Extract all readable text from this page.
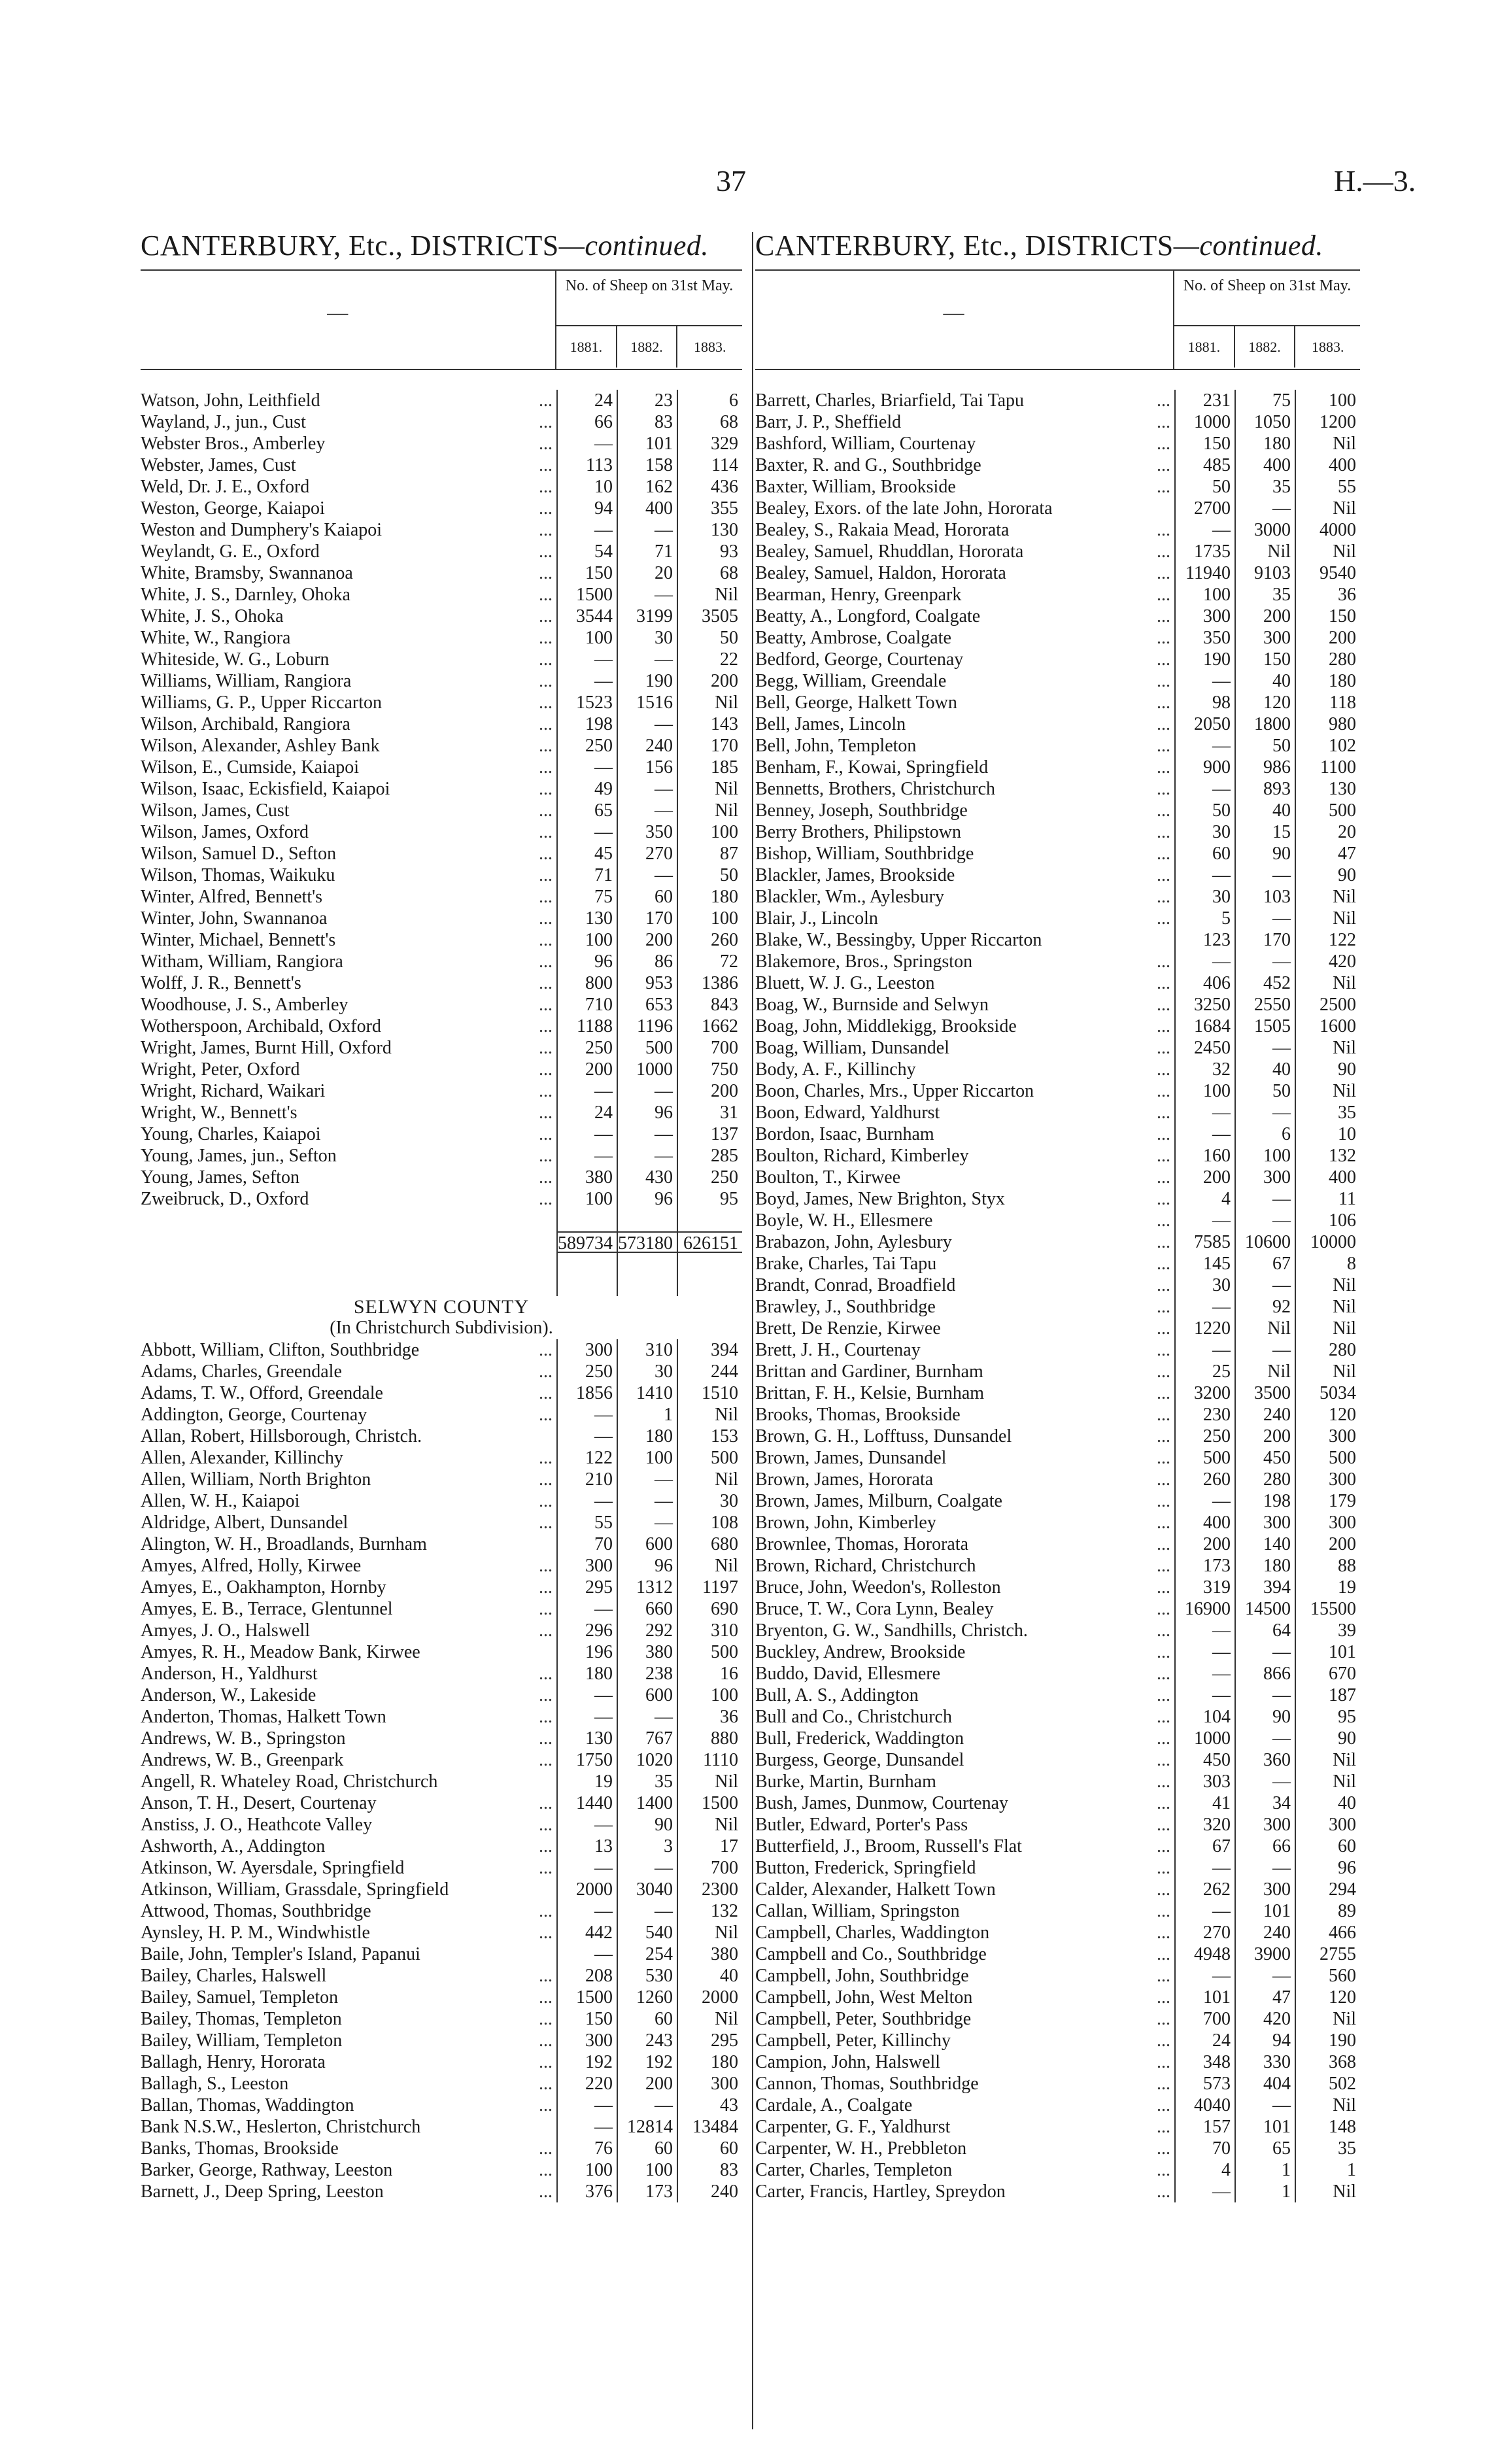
37	H.—3.
CANTERBURY, Etc., DISTRICTS—continued.
—
No. of Sheep on 31st May.
1881.	1882.	1883.
Watson, John, Leithfield	...	24	23	6
Wayland, J., jun., Cust	...	66	83	68
Webster Bros., Amberley	...	—	101	329
Webster, James, Cust	...	113	158	114
Weld, Dr. J. E., Oxford	...	10	162	436
Weston, George, Kaiapoi	...	94	400	355
Weston and Dumphery's Kaiapoi	...	—	—	130
Weylandt, G. E., Oxford	...	54	71	93
White, Bramsby, Swannanoa	...	150	20	68
White, J. S., Darnley, Ohoka	...	1500	—	Nil
White, J. S., Ohoka	...	3544	3199	3505
White, W., Rangiora	...	100	30	50
Whiteside, W. G., Loburn	...	—	—	22
Williams, William, Rangiora	...	—	190	200
Williams, G. P., Upper Riccarton	...	1523	1516	Nil
Wilson, Archibald, Rangiora	...	198	—	143
Wilson, Alexander, Ashley Bank	...	250	240	170
Wilson, E., Cumside, Kaiapoi	...	—	156	185
Wilson, Isaac, Eckisfield, Kaiapoi	...	49	—	Nil
Wilson, James, Cust	...	65	—	Nil
Wilson, James, Oxford	...	—	350	100
Wilson, Samuel D., Sefton	...	45	270	87
Wilson, Thomas, Waikuku	...	71	—	50
Winter, Alfred, Bennett's	...	75	60	180
Winter, John, Swannanoa	...	130	170	100
Winter, Michael, Bennett's	...	100	200	260
Witham, William, Rangiora	...	96	86	72
Wolff, J. R., Bennett's	...	800	953	1386
Woodhouse, J. S., Amberley	...	710	653	843
Wotherspoon, Archibald, Oxford	...	1188	1196	1662
Wright, James, Burnt Hill, Oxford	...	250	500	700
Wright, Peter, Oxford	...	200	1000	750
Wright, Richard, Waikari	...	—	—	200
Wright, W., Bennett's	...	24	96	31
Young, Charles, Kaiapoi	...	—	—	137
Young, James, jun., Sefton	...	—	—	285
Young, James, Sefton	...	380	430	250
Zweibruck, D., Oxford	...	100	96	95
589734 573180 626151
SELWYN COUNTY
(In Christchurch Subdivision).
Abbott, William, Clifton, Southbridge	...	300	310	394
Adams, Charles, Greendale	...	250	30	244
Adams, T. W., Offord, Greendale	...	1856	1410	1510
Addington, George, Courtenay	...	—	1	Nil
Allan, Robert, Hillsborough, Christch.	—	180	153
Allen, Alexander, Killinchy	...	122	100	500
Allen, William, North Brighton	...	210	—	Nil
Allen, W. H., Kaiapoi	...	—	—	30
Aldridge, Albert, Dunsandel	...	55	—	108
Alington, W. H., Broadlands, Burnham	70	600	680
Amyes, Alfred, Holly, Kirwee	...	300	96	Nil
Amyes, E., Oakhampton, Hornby	...	295	1312	1197
Amyes, E. B., Terrace, Glentunnel	...	—	660	690
Amyes, J. O., Halswell	...	296	292	310
Amyes, R. H., Meadow Bank, Kirwee	196	380	500
Anderson, H., Yaldhurst	...	180	238	16
Anderson, W., Lakeside	...	—	600	100
Anderton, Thomas, Halkett Town	...	—	—	36
Andrews, W. B., Springston	...	130	767	880
Andrews, W. B., Greenpark	...	1750	1020	1110
Angell, R. Whateley Road, Christchurch	19	35	Nil
Anson, T. H., Desert, Courtenay	...	1440	1400	1500
Anstiss, J. O., Heathcote Valley	...	—	90	Nil
Ashworth, A., Addington	...	13	3	17
Atkinson, W. Ayersdale, Springfield	...	—	—	700
Atkinson, William, Grassdale, Springfield	2000	3040	2300
Attwood, Thomas, Southbridge	...	—	—	132
Aynsley, H. P. M., Windwhistle	...	442	540	Nil
Baile, John, Templer's Island, Papanui	—	254	380
Bailey, Charles, Halswell	...	208	530	40
Bailey, Samuel, Templeton	...	1500	1260	2000
Bailey, Thomas, Templeton	...	150	60	Nil
Bailey, William, Templeton	...	300	243	295
Ballagh, Henry, Hororata	...	192	192	180
Ballagh, S., Leeston	...	220	200	300
Ballan, Thomas, Waddington	...	—	—	43
Bank N.S.W., Heslerton, Christchurch	— 12814	13484
Banks, Thomas, Brookside	...	76	60	60
Barker, George, Rathway, Leeston	...	100	100	83
Barnett, J., Deep Spring, Leeston	...	376	173	240
CANTERBURY, Etc., DISTRICTS—continued.
—
No. of Sheep on 31st May.
1881.	1882.	1883.
Barrett, Charles, Briarfield, Tai Tapu	...	231	75	100
Barr, J. P., Sheffield	...	1000	1050	1200
Bashford, William, Courtenay	...	150	180	Nil
Baxter, R. and G., Southbridge	...	485	400	400
Baxter, William, Brookside	...	50	35	55
Bealey, Exors. of the late John, Hororata	2700	—	Nil
Bealey, S., Rakaia Mead, Hororata	...	—	3000	4000
Bealey, Samuel, Rhuddlan, Hororata	...	1735	Nil	Nil
Bealey, Samuel, Haldon, Hororata	... 11940	9103	9540
Bearman, Henry, Greenpark	...	100	35	36
Beatty, A., Longford, Coalgate	...	300	200	150
Beatty, Ambrose, Coalgate	...	350	300	200
Bedford, George, Courtenay	...	190	150	280
Begg, William, Greendale	...	—	40	180
Bell, George, Halkett Town	...	98	120	118
Bell, James, Lincoln	...	2050	1800	980
Bell, John, Templeton	...	—	50	102
Benham, F., Kowai, Springfield	...	900	986	1100
Bennetts, Brothers, Christchurch	...	—	893	130
Benney, Joseph, Southbridge	...	50	40	500
Berry Brothers, Philipstown	...	30	15	20
Bishop, William, Southbridge	...	60	90	47
Blackler, James, Brookside	...	—	—	90
Blackler, Wm., Aylesbury	...	30	103	Nil
Blair, J., Lincoln	...	5	—	Nil
Blake, W., Bessingby, Upper Riccarton	123	170	122
Blakemore, Bros., Springston	...	—	—	420
Bluett, W. J. G., Leeston	...	406	452	Nil
Boag, W., Burnside and Selwyn	...	3250	2550	2500
Boag, John, Middlekigg, Brookside	...	1684	1505	1600
Boag, William, Dunsandel	...	2450	—	Nil
Body, A. F., Killinchy	...	32	40	90
Boon, Charles, Mrs., Upper Riccarton	...	100	50	Nil
Boon, Edward, Yaldhurst	...	—	—	35
Bordon, Isaac, Burnham	...	—	6	10
Boulton, Richard, Kimberley	...	160	100	132
Boulton, T., Kirwee	...	200	300	400
Boyd, James, New Brighton, Styx	...	4	—	11
Boyle, W. H., Ellesmere	...	—	—	106
Brabazon, John, Aylesbury	...	7585 10600	10000
Brake, Charles, Tai Tapu	...	145	67	8
Brandt, Conrad, Broadfield	...	30	—	Nil
Brawley, J., Southbridge	...	—	92	Nil
Brett, De Renzie, Kirwee	...	1220	Nil	Nil
Brett, J. H., Courtenay	...	—	—	280
Brittan and Gardiner, Burnham	...	25	Nil	Nil
Brittan, F. H., Kelsie, Burnham	...	3200	3500	5034
Brooks, Thomas, Brookside	...	230	240	120
Brown, G. H., Lofftuss, Dunsandel	...	250	200	300
Brown, James, Dunsandel	...	500	450	500
Brown, James, Hororata	...	260	280	300
Brown, James, Milburn, Coalgate	...	—	198	179
Brown, John, Kimberley	...	400	300	300
Brownlee, Thomas, Hororata	...	200	140	200
Brown, Richard, Christchurch	...	173	180	88
Bruce, John, Weedon's, Rolleston	...	319	394	19
Bruce, T. W., Cora Lynn, Bealey	... 16900 14500	15500
Bryenton, G. W., Sandhills, Christch.	...	—	64	39
Buckley, Andrew, Brookside	...	—	—	101
Buddo, David, Ellesmere	...	—	866	670
Bull, A. S., Addington	...	—	—	187
Bull and Co., Christchurch	...	104	90	95
Bull, Frederick, Waddington	...	1000	—	90
Burgess, George, Dunsandel	...	450	360	Nil
Burke, Martin, Burnham	...	303	—	Nil
Bush, James, Dunmow, Courtenay	...	41	34	40
Butler, Edward, Porter's Pass	...	320	300	300
Butterfield, J., Broom, Russell's Flat	...	67	66	60
Button, Frederick, Springfield	...	—	—	96
Calder, Alexander, Halkett Town	...	262	300	294
Callan, William, Springston	...	—	101	89
Campbell, Charles, Waddington	...	270	240	466
Campbell and Co., Southbridge	...	4948	3900	2755
Campbell, John, Southbridge	...	—	—	560
Campbell, John, West Melton	...	101	47	120
Campbell, Peter, Southbridge	...	700	420	Nil
Campbell, Peter, Killinchy	...	24	94	190
Campion, John, Halswell	...	348	330	368
Cannon, Thomas, Southbridge	...	573	404	502
Cardale, A., Coalgate	...	4040	—	Nil
Carpenter, G. F., Yaldhurst	...	157	101	148
Carpenter, W. H., Prebbleton	...	70	65	35
Carter, Charles, Templeton	...	4	1	1
Carter, Francis, Hartley, Spreydon	...	—	1	Nil
